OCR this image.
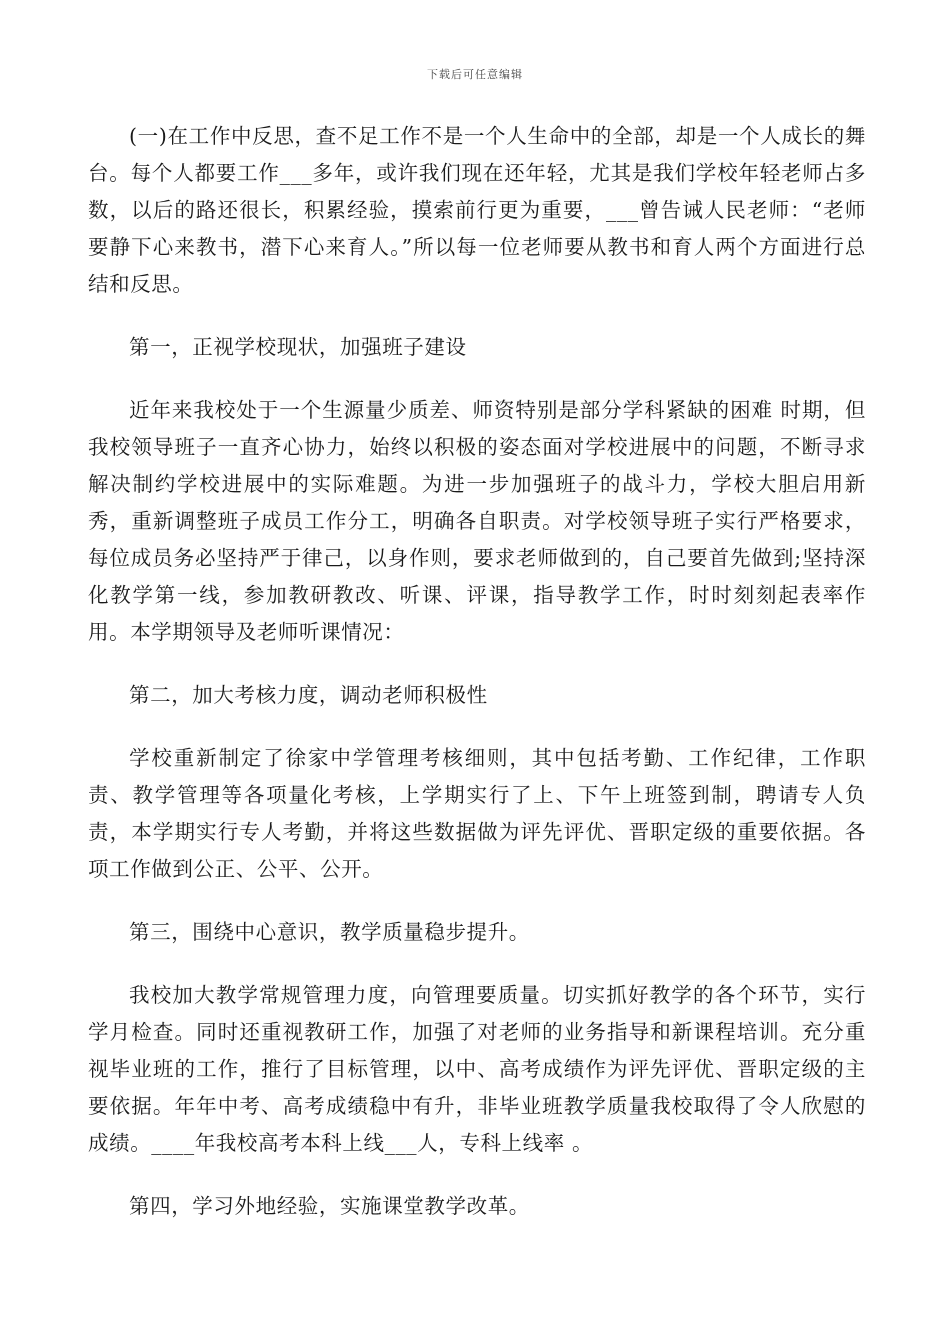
下载后可任意编辑

(一)在工作中反思，查不足工作不是一个人生命中的全部，却是一个人成长的舞台。每个人都要工作___多年，或许我们现在还年轻，尤其是我们学校年轻老师占多数，以后的路还很长，积累经验，摸索前行更为重要，___曾告诫人民老师：“老师要静下心来教书，潜下心来育人。”所以每一位老师要从教书和育人两个方面进行总结和反思。

第一，正视学校现状，加强班子建设

近年来我校处于一个生源量少质差、师资特别是部分学科紧缺的困难 时期，但我校领导班子一直齐心协力，始终以积极的姿态面对学校进展中的问题，不断寻求解决制约学校进展中的实际难题。为进一步加强班子的战斗力，学校大胆启用新秀，重新调整班子成员工作分工，明确各自职责。对学校领导班子实行严格要求，每位成员务必坚持严于律己，以身作则，要求老师做到的，自己要首先做到;坚持深化教学第一线，参加教研教改、听课、评课，指导教学工作，时时刻刻起表率作用。本学期领导及老师听课情况：

第二，加大考核力度，调动老师积极性

学校重新制定了徐家中学管理考核细则，其中包括考勤、工作纪律，工作职责、教学管理等各项量化考核，上学期实行了上、下午上班签到制，聘请专人负责，本学期实行专人考勤，并将这些数据做为评先评优、晋职定级的重要依据。各项工作做到公正、公平、公开。

第三，围绕中心意识，教学质量稳步提升。

我校加大教学常规管理力度，向管理要质量。切实抓好教学的各个环节，实行学月检查。同时还重视教研工作，加强了对老师的业务指导和新课程培训。充分重视毕业班的工作，推行了目标管理，以中、高考成绩作为评先评优、晋职定级的主要依据。年年中考、高考成绩稳中有升，非毕业班教学质量我校取得了令人欣慰的成绩。____年我校高考本科上线___人，专科上线率 。

第四，学习外地经验，实施课堂教学改革。
